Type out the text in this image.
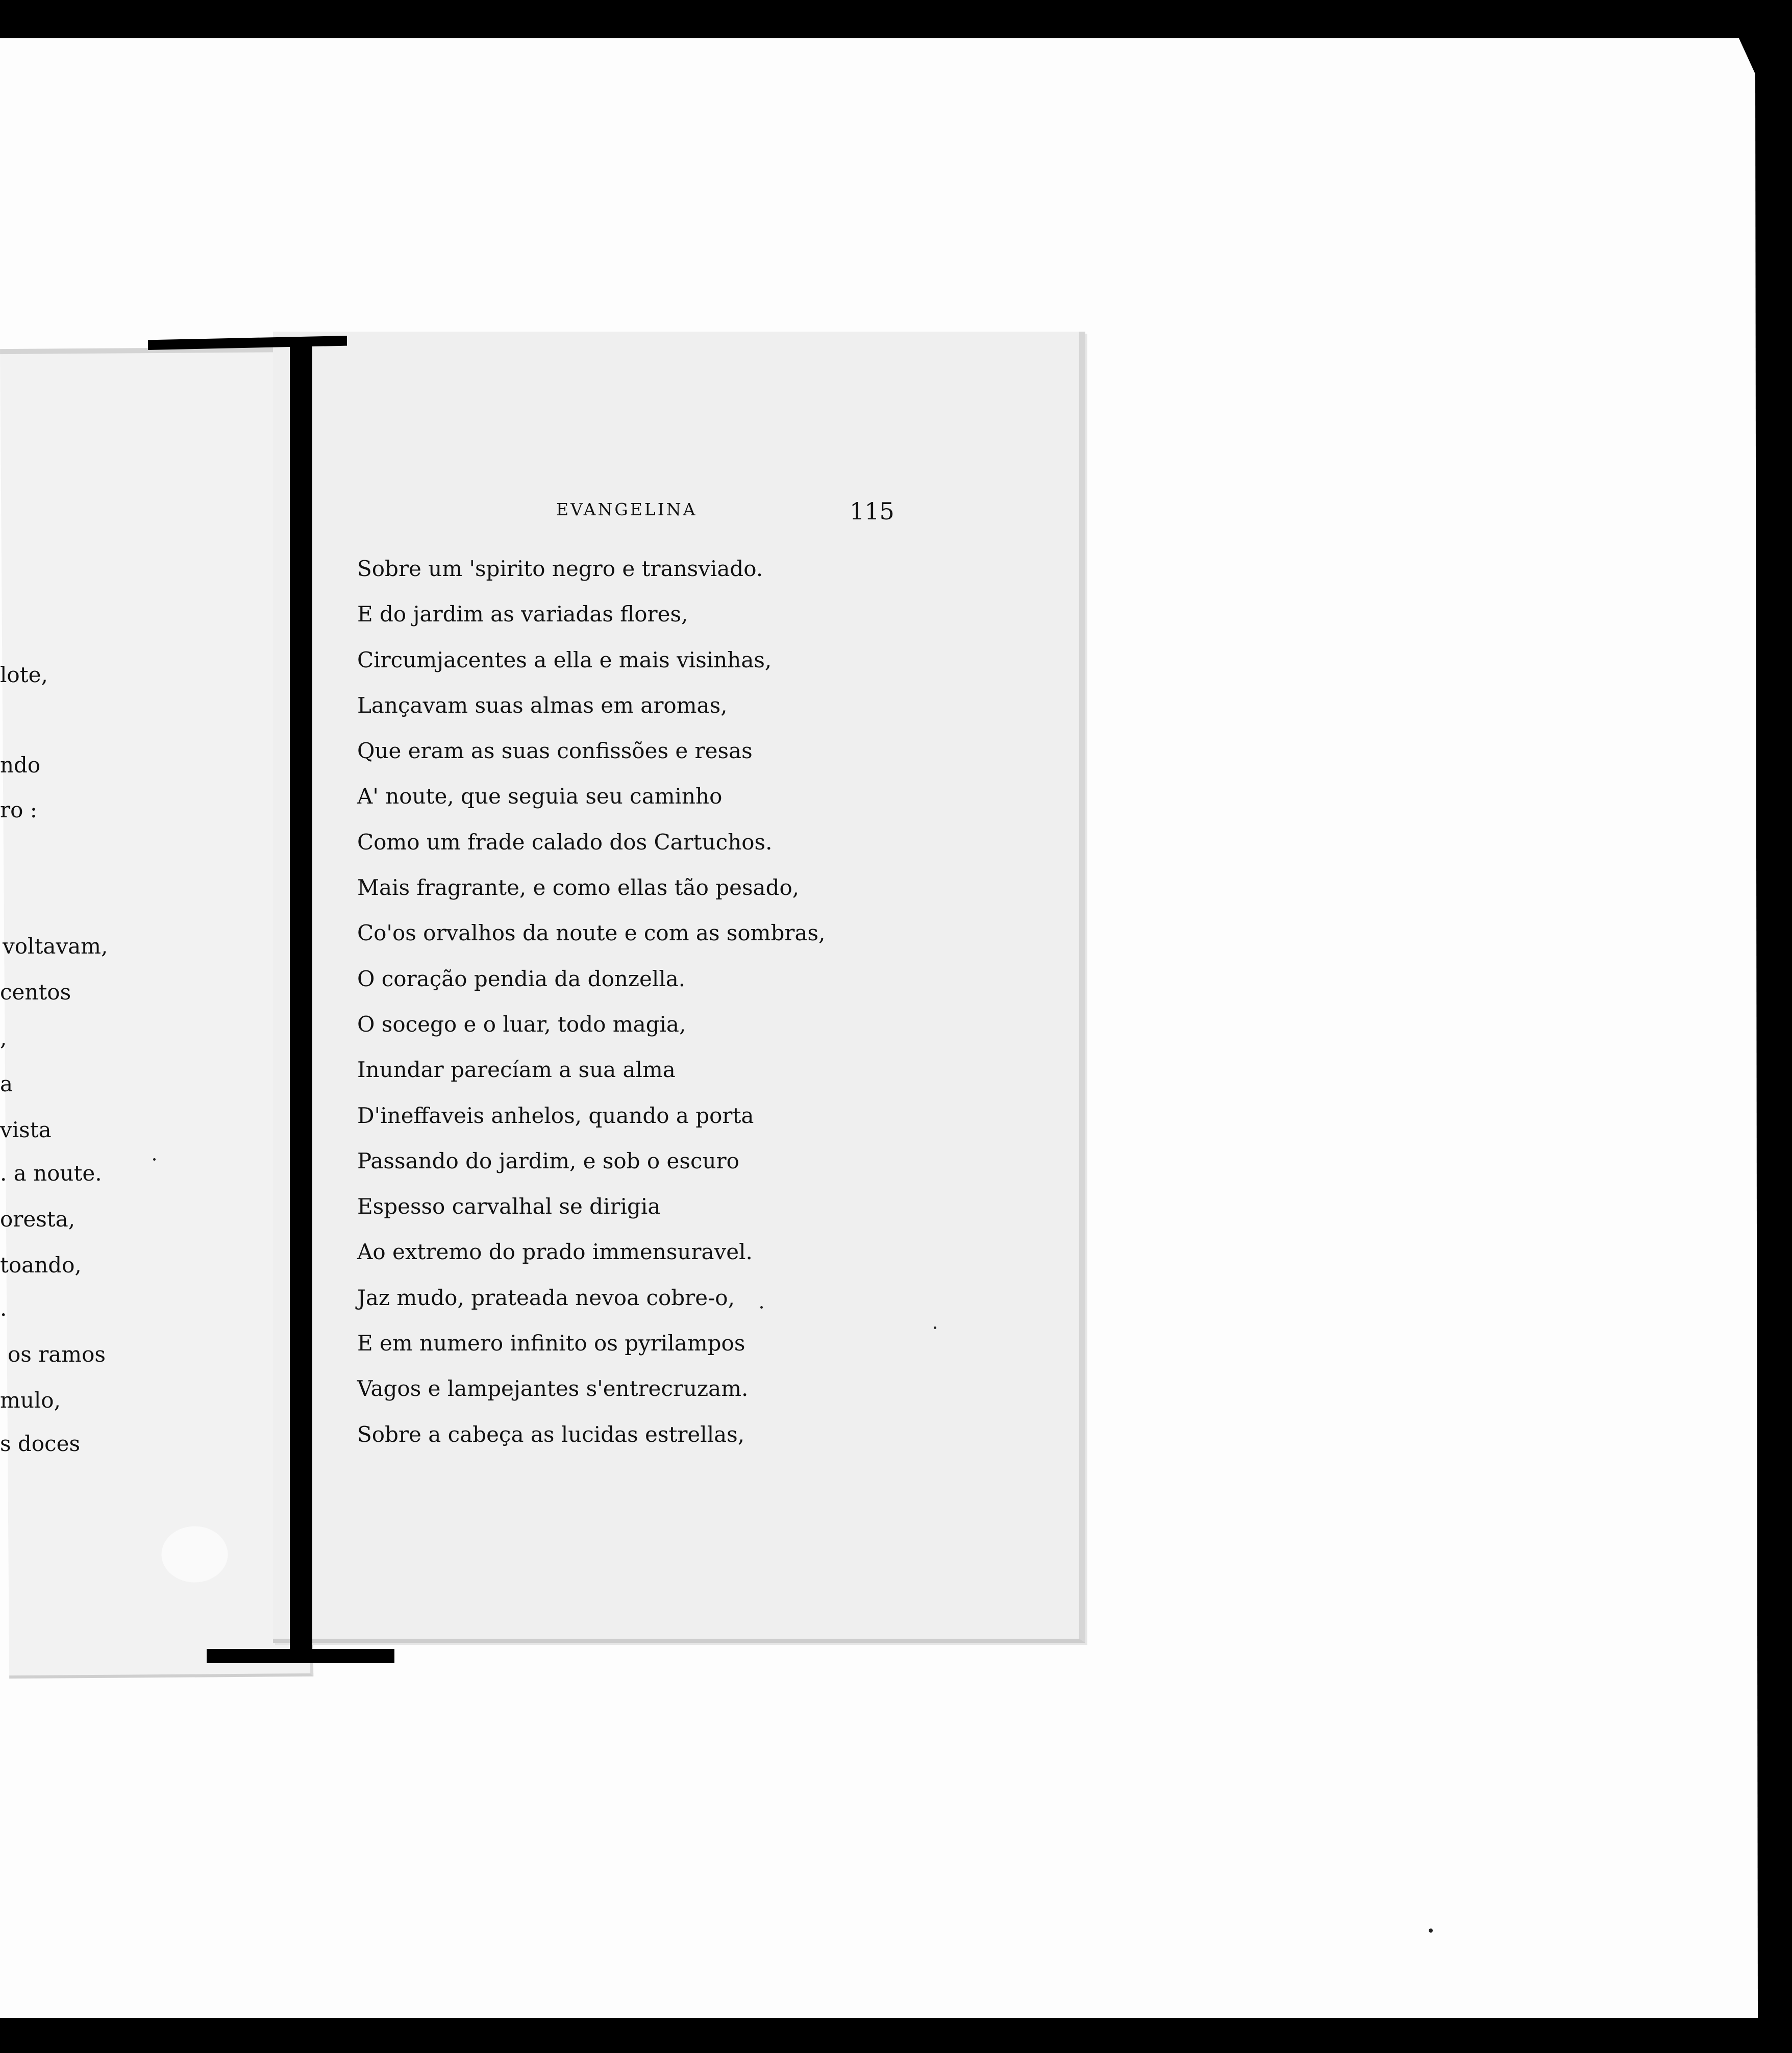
lote,
ndo
ro :
voltavam,
centos
,
a
vista
. a noute.
oresta,
toando,
.
os ramos
mulo,
s doces
EVANGELINA	115
Sobre um 'spirito negro e transviado.
E do jardim as variadas flores,
Circumjacentes a ella e mais visinhas,
Lançavam suas almas em aromas,
Que eram as suas confissões e resas
A' noute, que seguia seu caminho
Como um frade calado dos Cartuchos.
Mais fragrante, e como ellas tão pesado,
Co'os orvalhos da noute e com as sombras,
O coração pendia da donzella.
O socego e o luar, todo magia,
Inundar parecíam a sua alma
D'ineffaveis anhelos, quando a porta
Passando do jardim, e sob o escuro
Espesso carvalhal se dirigia
Ao extremo do prado immensuravel.
Jaz mudo, prateada nevoa cobre-o,
E em numero infinito os pyrilampos
Vagos e lampejantes s'entrecruzam.
Sobre a cabeça as lucidas estrellas,
